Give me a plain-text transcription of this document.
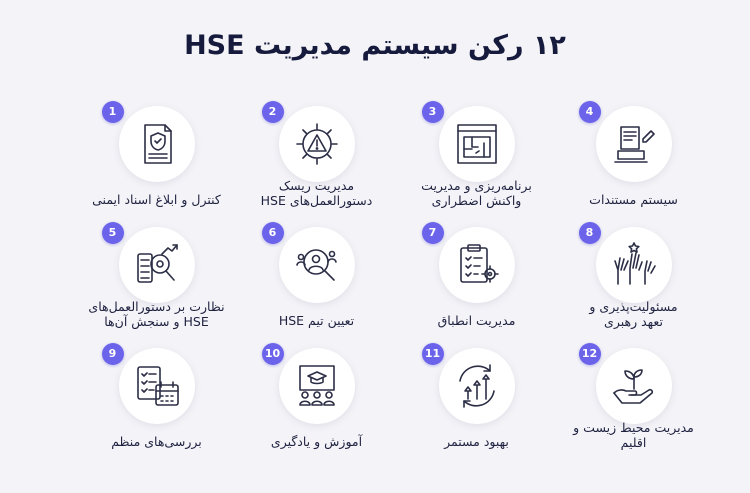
۱۲ رکن سیستم مدیریت HSE
1
کنترل و ابلاغ اسناد ایمنی
2
مدیریت ریسک
دستورالعمل‌های HSE
3
برنامه‌ریزی و مدیریت
واکنش اضطراری
4
سیستم مستندات
5
نظارت بر دستورالعمل‌های
HSE و سنجش آن‌ها
6
تعیین تیم HSE
7
مدیریت انطباق
8
مسئولیت‌پذیری و
تعهد رهبری
9
بررسی‌های منظم
10
آموزش و یادگیری
11
بهبود مستمر
12
مدیریت محیط زیست و
اقلیم
